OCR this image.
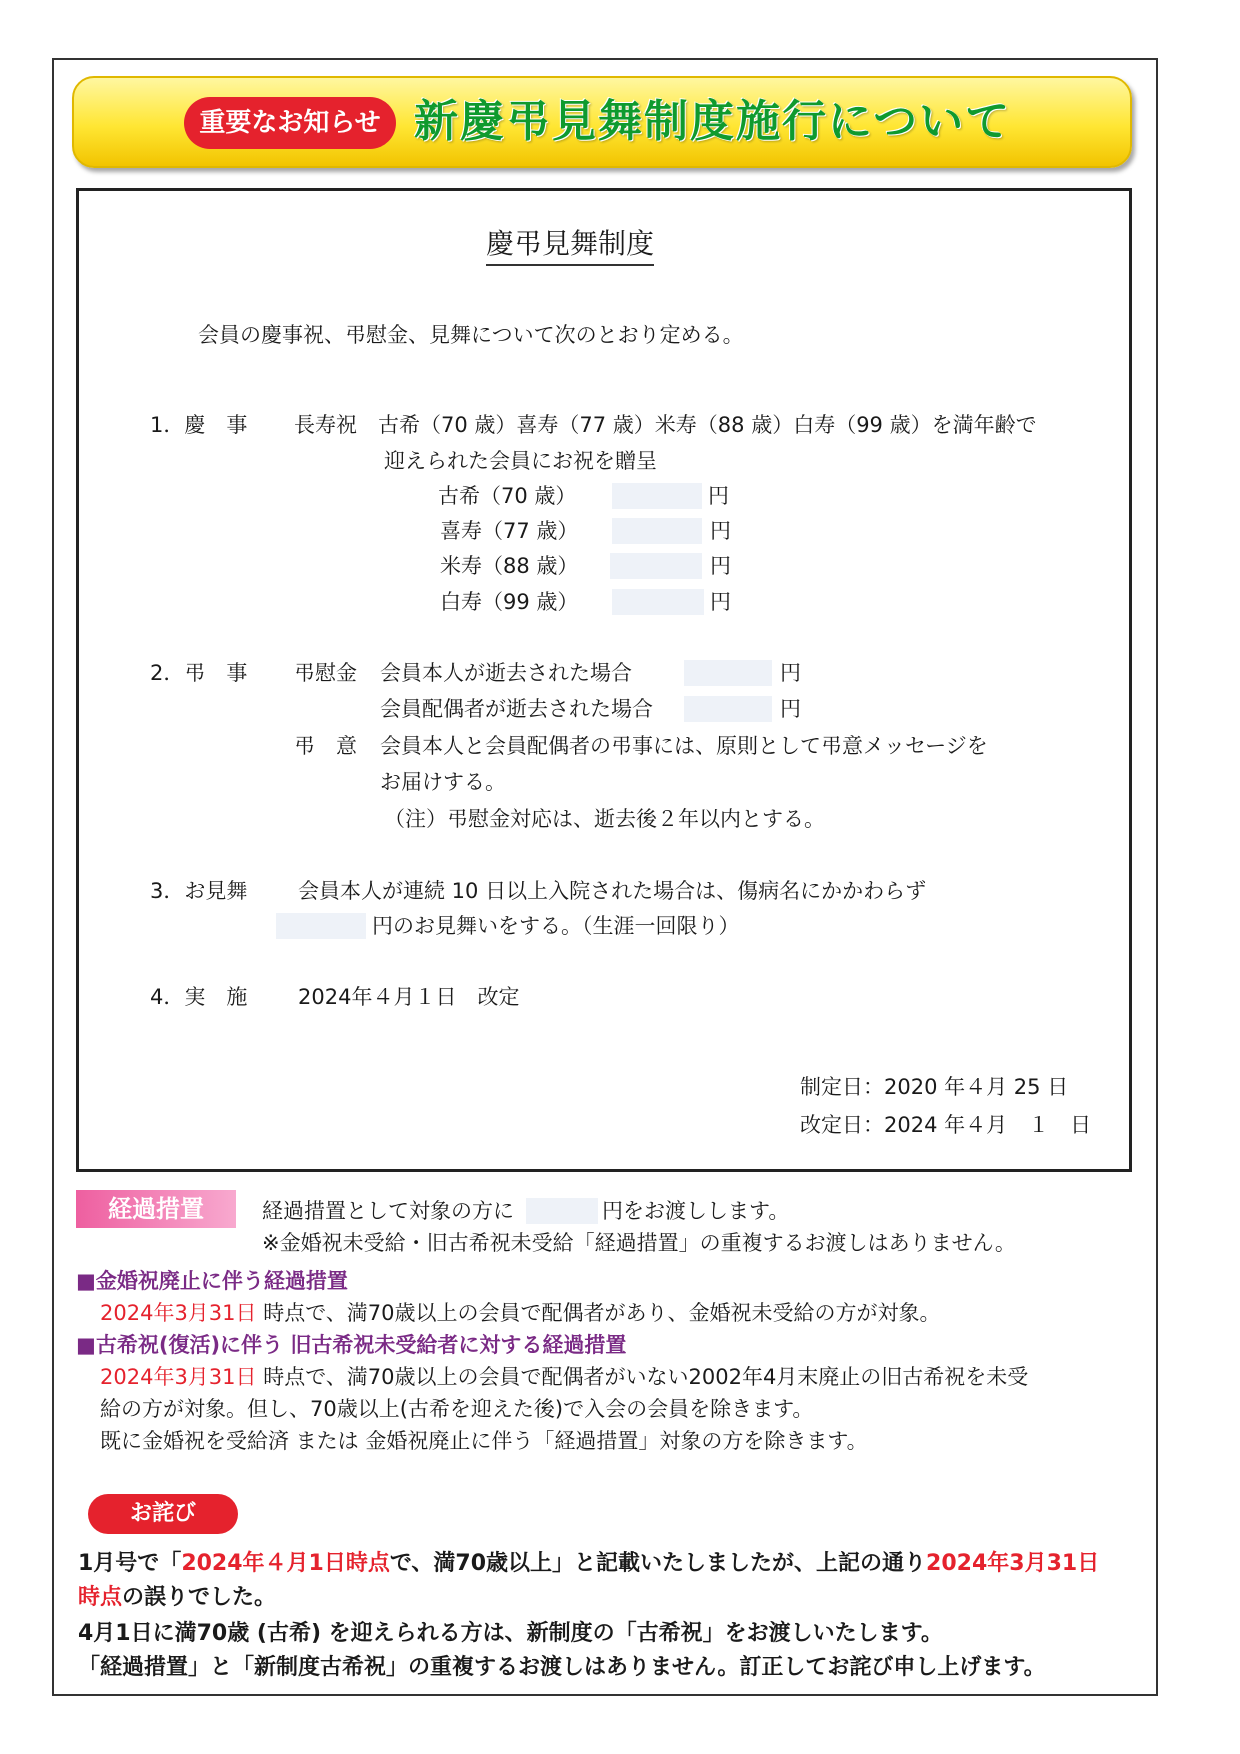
重要なお知らせ 新慶弔見舞制度施行について
慶弔見舞制度
会員の慶事祝、弔慰金、見舞について次のとおり定める。
1．慶　事 長寿祝　古希（70 歳）喜寿（77 歳）米寿（88 歳）白寿（99 歳）を満年齢で
迎えられた会員にお祝を贈呈
古希（70 歳）	円
喜寿（77 歳）	円
米寿（88 歳）	円
白寿（99 歳）	円
2．弔　事 弔慰金 会員本人が逝去された場合	円
会員配偶者が逝去された場合	円
弔　意 会員本人と会員配偶者の弔事には、原則として弔意メッセージを
お届けする。
（注）弔慰金対応は、逝去後２年以内とする。
3．お見舞 会員本人が連続 10 日以上入院された場合は、傷病名にかかわらず
円のお見舞いをする。（生涯一回限り）
4．実　施 2024年４月１日　改定
制定日：2020 年４月 25 日
改定日：2024 年４月　１　日
経過措置	経過措置として対象の方に	円をお渡しします。
※金婚祝未受給・旧古希祝未受給「経過措置」の重複するお渡しはありません。
■金婚祝廃止に伴う経過措置
2024年3月31日 時点で、満70歳以上の会員で配偶者があり、金婚祝未受給の方が対象。
■古希祝(復活)に伴う 旧古希祝未受給者に対する経過措置
2024年3月31日 時点で、満70歳以上の会員で配偶者がいない2002年4月末廃止の旧古希祝を未受
給の方が対象。但し、70歳以上(古希を迎えた後)で入会の会員を除きます。
既に金婚祝を受給済 または 金婚祝廃止に伴う「経過措置」対象の方を除きます。
お詫び
1月号で「2024年４月1日時点で、満70歳以上」と記載いたしましたが、上記の通り2024年3月31日
時点の誤りでした。
4月1日に満70歳 (古希) を迎えられる方は、新制度の「古希祝」をお渡しいたします。
「経過措置」と「新制度古希祝」の重複するお渡しはありません。訂正してお詫び申し上げます。
